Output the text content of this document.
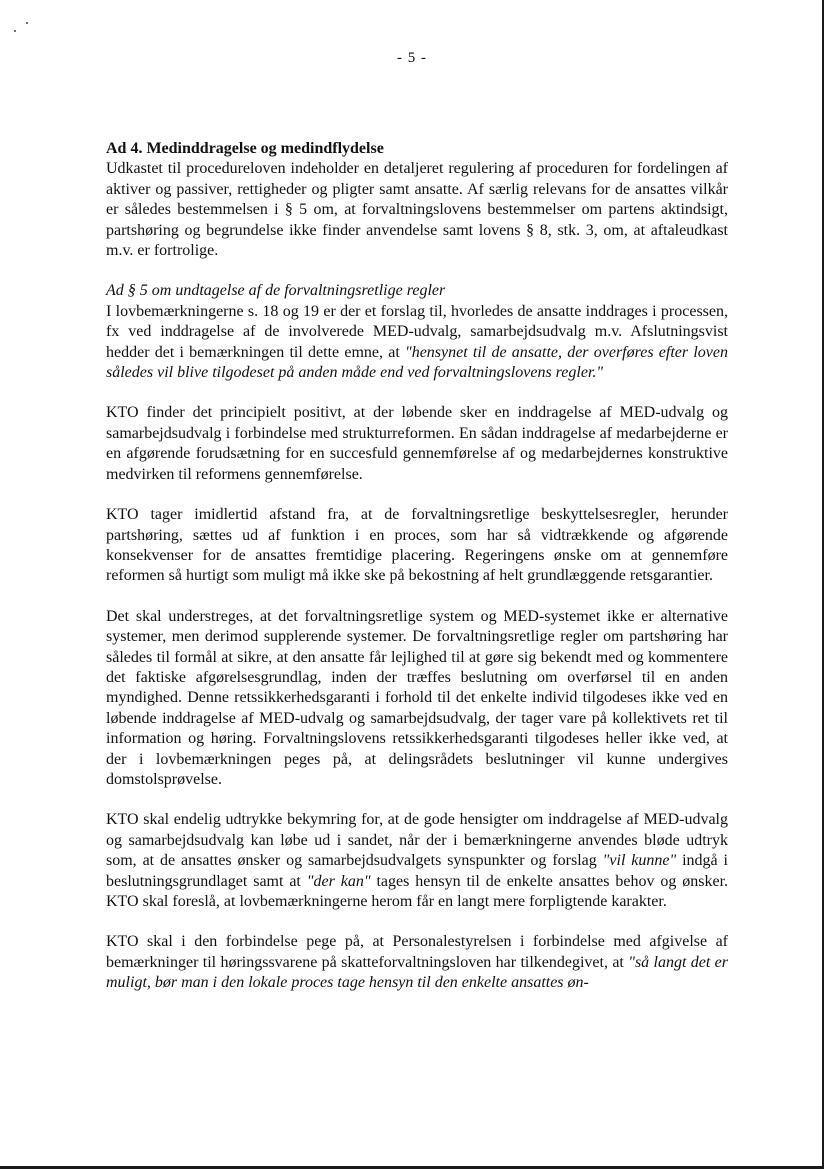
- 5 -

Ad 4. Medinddragelse og medindflydelse

Udkastet til procedureloven indeholder en detaljeret regulering af proceduren for fordelingen af aktiver og passiver, rettigheder og pligter samt ansatte. Af særlig relevans for de ansattes vilkår er således bestemmelsen i § 5 om, at forvaltningslovens bestemmelser om partens aktindsigt, partshøring og begrundelse ikke finder anvendelse samt lovens § 8, stk. 3, om, at aftaleudkast m.v. er fortrolige.

Ad § 5 om undtagelse af de forvaltningsretlige regler

I lovbemærkningerne s. 18 og 19 er der et forslag til, hvorledes de ansatte inddrages i processen, fx ved inddragelse af de involverede MED-udvalg, samarbejdsudvalg m.v. Afslutningsvist hedder det i bemærkningen til dette emne, at "hensynet til de ansatte, der overføres efter loven således vil blive tilgodeset på anden måde end ved forvaltningslovens regler."

KTO finder det principielt positivt, at der løbende sker en inddragelse af MED-udvalg og samarbejdsudvalg i forbindelse med strukturreformen. En sådan inddragelse af medarbejderne er en afgørende forudsætning for en succesfuld gennemførelse af og medarbejdernes konstruktive medvirken til reformens gennemførelse.

KTO tager imidlertid afstand fra, at de forvaltningsretlige beskyttelsesregler, herunder partshøring, sættes ud af funktion i en proces, som har så vidtrækkende og afgørende konsekvenser for de ansattes fremtidige placering. Regeringens ønske om at gennemføre reformen så hurtigt som muligt må ikke ske på bekostning af helt grundlæggende retsgarantier.

Det skal understreges, at det forvaltningsretlige system og MED-systemet ikke er alternative systemer, men derimod supplerende systemer. De forvaltningsretlige regler om partshøring har således til formål at sikre, at den ansatte får lejlighed til at gøre sig bekendt med og kommentere det faktiske afgørelsesgrundlag, inden der træffes beslutning om overførsel til en anden myndighed. Denne retssikkerhedsgaranti i forhold til det enkelte individ tilgodeses ikke ved en løbende inddragelse af MED-udvalg og samarbejdsudvalg, der tager vare på kollektivets ret til information og høring. Forvaltningslovens retssikkerhedsgaranti tilgodeses heller ikke ved, at der i lovbemærkningen peges på, at delingsrådets beslutninger vil kunne undergives domstolsprøvelse.

KTO skal endelig udtrykke bekymring for, at de gode hensigter om inddragelse af MED-udvalg og samarbejdsudvalg kan løbe ud i sandet, når der i bemærkningerne anvendes bløde udtryk som, at de ansattes ønsker og samarbejdsudvalgets synspunkter og forslag "vil kunne" indgå i beslutningsgrundlaget samt at "der kan" tages hensyn til de enkelte ansattes behov og ønsker. KTO skal foreslå, at lovbemærkningerne herom får en langt mere forpligtende karakter.

KTO skal i den forbindelse pege på, at Personalestyrelsen i forbindelse med afgivelse af bemærkninger til høringssvarene på skatteforvaltningsloven har tilkendegivet, at "så langt det er muligt, bør man i den lokale proces tage hensyn til den enkelte ansattes øn-
